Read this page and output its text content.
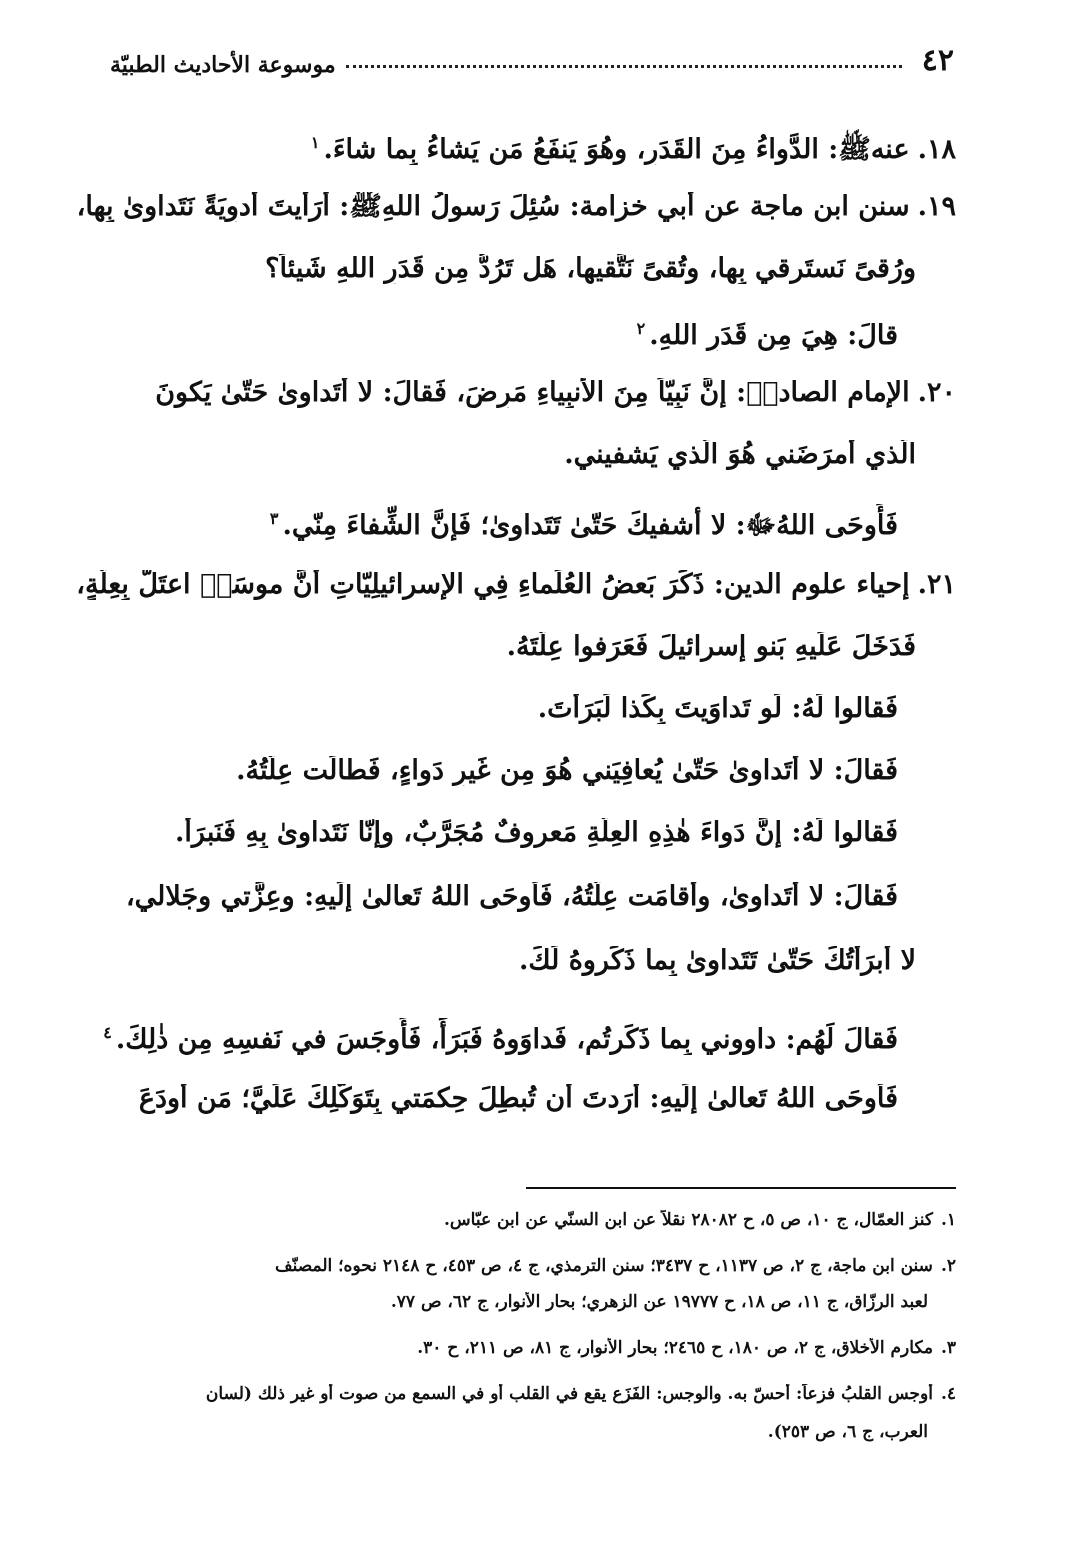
٤٢
موسوعة الأحاديث الطبيّة
١٨.عنهﷺ: الدَّواءُ مِنَ القَدَرِ، وهُوَ يَنفَعُ مَن يَشاءُ بِما شاءَ.$^١$
١٩.سنن ابن ماجة عن أبي خزامة: سُئِلَ رَسولُ اللهِﷺ: أرَأيتَ أدوِيَةً نَتَداوىٰ بِها،
ورُقىً نَستَرقي بِها، وتُقىً نَتَّقيها، هَل تَرُدُّ مِن قَدَرِ اللهِ شَيئاً؟
قالَ: هِيَ مِن قَدَرِ اللهِ.$^٢$
٢٠.الإمام الصادقؑ: إنَّ نَبِيّاً مِنَ الأَنبِياءِ مَرِضَ، فَقالَ: لا أتَداوىٰ حَتّىٰ يَكونَ
الَّذي أمرَضَني هُوَ الَّذي يَشفيني.
فَأَوحَى اللهُﷻ: لا أشفيكَ حَتّىٰ تَتَداوىٰ؛ فَإِنَّ الشِّفاءَ مِنّي.$^٣$
٢١.إحياء علوم الدين: ذَكَرَ بَعضُ العُلَماءِ فِي الإِسرائيلِيّاتِ أنَّ موسَىؑ اعتَلَّ بِعِلَّةٍ،
فَدَخَلَ عَلَيهِ بَنو إسرائيلَ فَعَرَفوا عِلَّتَهُ.
فَقالوا لَهُ: لَو تَداوَيتَ بِكَذا لَبَرَأتَ.
فَقالَ: لا أتَداوىٰ حَتّىٰ يُعافِيَني هُوَ مِن غَيرِ دَواءٍ، فَطالَت عِلَّتُهُ.
فَقالوا لَهُ: إنَّ دَواءَ هٰذِهِ العِلَّةِ مَعروفٌ مُجَرَّبٌ، وإنّا نَتَداوىٰ بِهِ فَنَبرَأُ.
فَقالَ: لا أتَداوىٰ، وأقامَت عِلَّتُهُ، فَأَوحَى اللهُ تَعالىٰ إلَيهِ: وعِزَّتي وجَلالي،
لا أبرَأتُكَ حَتّىٰ تَتَداوىٰ بِما ذَكَروهُ لَكَ.
فَقالَ لَهُم: داووني بِما ذَكَرتُم، فَداوَوهُ فَبَرَأَ، فَأَوجَسَ في نَفسِهِ مِن ذٰلِكَ.$^٤$
فَأَوحَى اللهُ تَعالىٰ إلَيهِ: أرَدتَ أن تُبطِلَ حِكمَتي بِتَوَكُّلِكَ عَلَيَّ؛ مَن أودَعَ
١.كنز العمّال، ج ١٠، ص ٥، ح ٢٨٠٨٢ نقلاً عن ابن السنّي عن ابن عبّاس.
٢.سنن ابن ماجة، ج ٢، ص ١١٣٧، ح ٣٤٣٧؛ سنن الترمذي، ج ٤، ص ٤٥٣، ح ٢١٤٨ نحوه؛ المصنّف
لعبد الرزّاق، ج ١١، ص ١٨، ح ١٩٧٧٧ عن الزهري؛ بحار الأنوار، ج ٦٢، ص ٧٧.
٣.مكارم الأخلاق، ج ٢، ص ١٨٠، ح ٢٤٦٥؛ بحار الأنوار، ج ٨١، ص ٢١١، ح ٣٠.
٤.أوجس القلبُ فزعاً: أحسّ به. والوجس: الفَزَع يقع في القلب أو في السمع من صوت أو غير ذلك (لسان
العرب، ج ٦، ص ٢٥٣).
